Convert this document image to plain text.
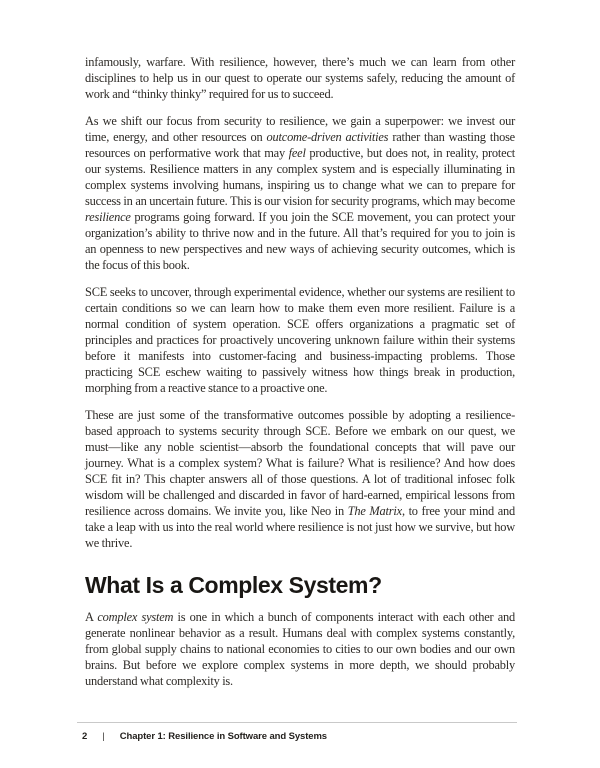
infamously, warfare. With resilience, however, there’s much we can learn from other disciplines to help us in our quest to operate our systems safely, reducing the amount of work and “thinky thinky” required for us to succeed.

As we shift our focus from security to resilience, we gain a superpower: we invest our time, energy, and other resources on outcome-driven activities rather than wasting those resources on performative work that may feel productive, but does not, in reality, protect our systems. Resilience matters in any complex system and is especially illuminating in complex systems involving humans, inspiring us to change what we can to prepare for success in an uncertain future. This is our vision for security programs, which may become resilience programs going forward. If you join the SCE movement, you can protect your organization’s ability to thrive now and in the future. All that’s required for you to join is an openness to new perspectives and new ways of achieving security outcomes, which is the focus of this book.

SCE seeks to uncover, through experimental evidence, whether our systems are resilient to certain conditions so we can learn how to make them even more resilient. Failure is a normal condition of system operation. SCE offers organizations a pragmatic set of principles and practices for proactively uncovering unknown failure within their systems before it manifests into customer-facing and business-impacting problems. Those practicing SCE eschew waiting to passively witness how things break in production, morphing from a reactive stance to a proactive one.

These are just some of the transformative outcomes possible by adopting a resilience-based approach to systems security through SCE. Before we embark on our quest, we must—like any noble scientist—absorb the foundational concepts that will pave our journey. What is a complex system? What is failure? What is resilience? And how does SCE fit in? This chapter answers all of those questions. A lot of traditional infosec folk wisdom will be challenged and discarded in favor of hard-earned, empirical lessons from resilience across domains. We invite you, like Neo in The Matrix, to free your mind and take a leap with us into the real world where resilience is not just how we survive, but how we thrive.

What Is a Complex System?

A complex system is one in which a bunch of components interact with each other and generate nonlinear behavior as a result. Humans deal with complex systems constantly, from global supply chains to national economies to cities to our own bodies and our own brains. But before we explore complex systems in more depth, we should probably understand what complexity is.

2 | Chapter 1: Resilience in Software and Systems
